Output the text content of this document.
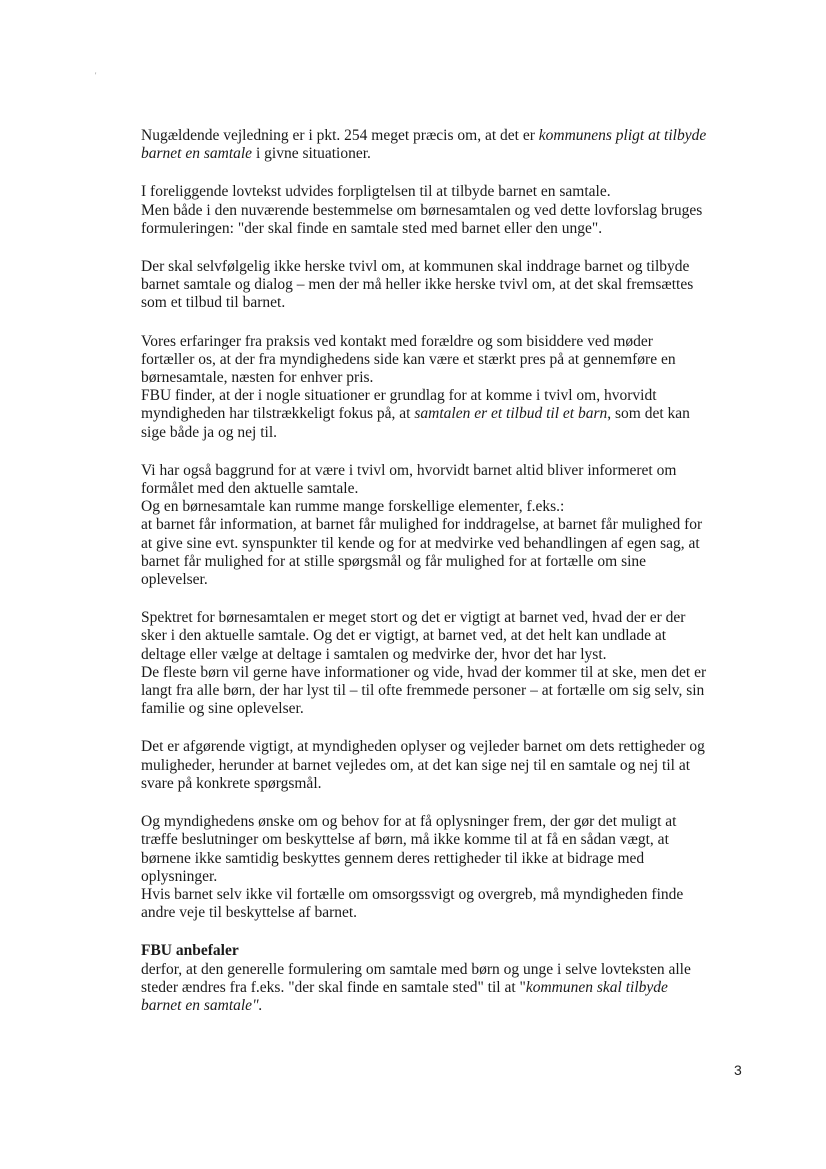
'
Nugældende vejledning er i pkt. 254 meget præcis om, at det er kommunens pligt at tilbyde
barnet en samtale i givne situationer.
I foreliggende lovtekst udvides forpligtelsen til at tilbyde barnet en samtale.
Men både i den nuværende bestemmelse om børnesamtalen og ved dette lovforslag bruges
formuleringen: "der skal finde en samtale sted med barnet eller den unge".
Der skal selvfølgelig ikke herske tvivl om, at kommunen skal inddrage barnet og tilbyde
barnet samtale og dialog – men der må heller ikke herske tvivl om, at det skal fremsættes
som et tilbud til barnet.
Vores erfaringer fra praksis ved kontakt med forældre og som bisiddere ved møder
fortæller os, at der fra myndighedens side kan være et stærkt pres på at gennemføre en
børnesamtale, næsten for enhver pris.
FBU finder, at der i nogle situationer er grundlag for at komme i tvivl om, hvorvidt
myndigheden har tilstrækkeligt fokus på, at samtalen er et tilbud til et barn, som det kan
sige både ja og nej til.
Vi har også baggrund for at være i tvivl om, hvorvidt barnet altid bliver informeret om
formålet med den aktuelle samtale.
Og en børnesamtale kan rumme mange forskellige elementer, f.eks.:
at barnet får information, at barnet får mulighed for inddragelse, at barnet får mulighed for
at give sine evt. synspunkter til kende og for at medvirke ved behandlingen af egen sag, at
barnet får mulighed for at stille spørgsmål og får mulighed for at fortælle om sine
oplevelser.
Spektret for børnesamtalen er meget stort og det er vigtigt at barnet ved, hvad der er der
sker i den aktuelle samtale. Og det er vigtigt, at barnet ved, at det helt kan undlade at
deltage eller vælge at deltage i samtalen og medvirke der, hvor det har lyst.
De fleste børn vil gerne have informationer og vide, hvad der kommer til at ske, men det er
langt fra alle børn, der har lyst til – til ofte fremmede personer – at fortælle om sig selv, sin
familie og sine oplevelser.
Det er afgørende vigtigt, at myndigheden oplyser og vejleder barnet om dets rettigheder og
muligheder, herunder at barnet vejledes om, at det kan sige nej til en samtale og nej til at
svare på konkrete spørgsmål.
Og myndighedens ønske om og behov for at få oplysninger frem, der gør det muligt at
træffe beslutninger om beskyttelse af børn, må ikke komme til at få en sådan vægt, at
børnene ikke samtidig beskyttes gennem deres rettigheder til ikke at bidrage med
oplysninger.
Hvis barnet selv ikke vil fortælle om omsorgssvigt og overgreb, må myndigheden finde
andre veje til beskyttelse af barnet.
FBU anbefaler
derfor, at den generelle formulering om samtale med børn og unge i selve lovteksten alle
steder ændres fra f.eks. "der skal finde en samtale sted" til at "kommunen skal tilbyde
barnet en samtale".
3
